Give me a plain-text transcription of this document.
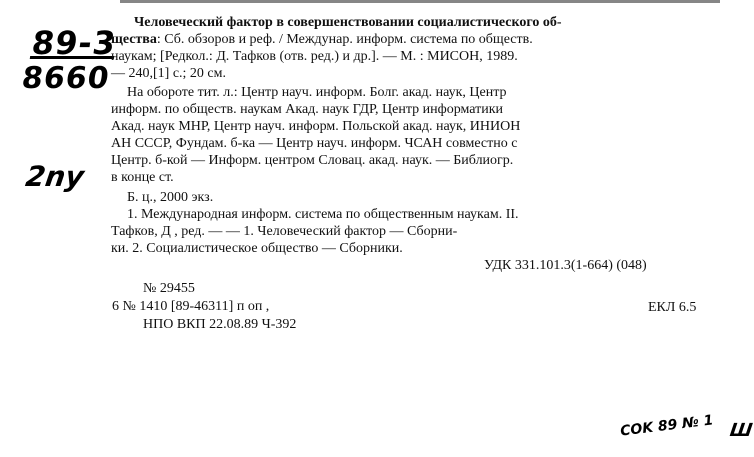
89-3
8660
2ny
Человеческий фактор в совершенствовании социалистического об-
щества: Сб. обзоров и реф. / Междунар. информ. система по обществ.
наукам; [Редкол.: Д. Тафков (отв. ред.) и др.]. — М. : МИСОН, 1989.
— 240,[1] с.; 20 см.
На обороте тит. л.: Центр науч. информ. Болг. акад. наук, Центр
информ. по обществ. наукам Акад. наук ГДР, Центр информатики
Акад. наук МНР, Центр науч. информ. Польской акад. наук, ИНИОН
АН СССР, Фундам. б-ка — Центр науч. информ. ЧСАН совместно с
Центр. б-кой — Информ. центром Словац. акад. наук. — Библиогр.
в конце ст.
Б. ц., 2000 экз.
1. Международная информ. система по общественным наукам. II.
Тафков, Д , ред. — — 1. Человеческий фактор — Сборни-
ки. 2. Социалистическое общество — Сборники.
УДК 331.101.3(1-664) (048)
№ 29455
6 № 1410 [89-46311] п оп ,	ЕКЛ 6.5
НПО ВКП 22.08.89 Ч-392
COK 89 № 1 Ш
